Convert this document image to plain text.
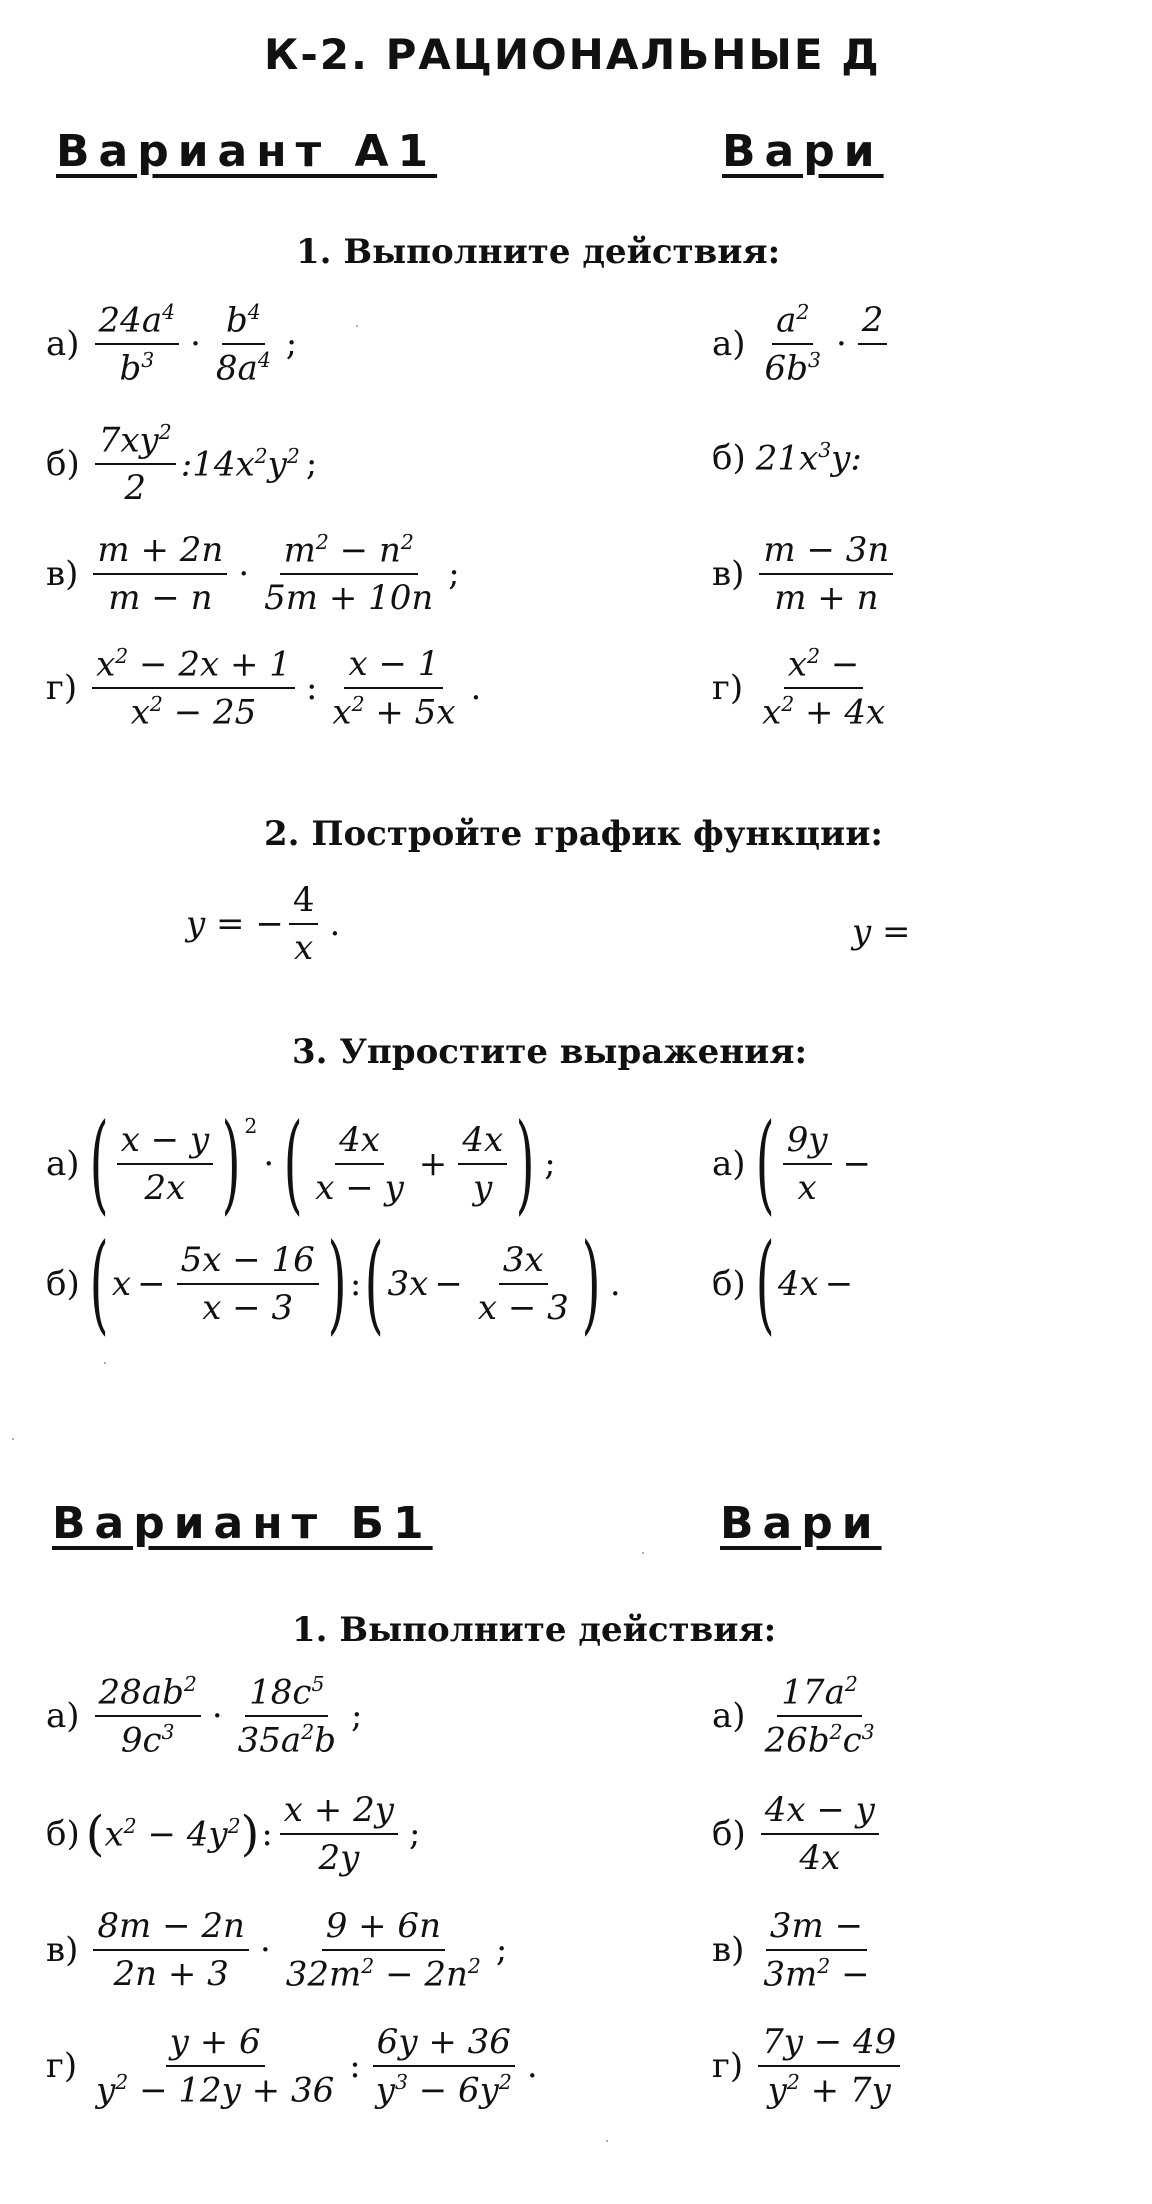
К-2. РАЦИОНАЛЬНЫЕ Д
Вариант А1	Вари
1. Выполните действия:
$а) \frac{24a^4}{b^3} \cdot \frac{b^4}{8a^4}$ ;
$б) \frac{7xy^2}{2}$ $:14x^2y^2$ ;
$в) \frac{m + 2n}{m - n} \cdot \frac{m^2 - n^2}{5m + 10n}$ ;
$г) \frac{x^2 - 2x + 1}{x^2 - 25}$ : $\frac{x - 1}{x^2 + 5x}$ .
$а) \frac{a^2}{6b^3}$ ·
2

б) $21x^3y$:
$в) \frac{m - 3n}{m + n}$
$г) \frac{x^2 -}{x^2 + 4x}$
2. Постройте график функции:
y = − $\frac{4}{x}$ .	y =
3. Упростите выражения:
а) ( $\frac{x - y}{2x} )^2$
· ( $\frac{4x}{x - y} + \frac{4x}{y}$ ) ;
б) ( $x - \frac{5x - 16}{x - 3}$ ) : ( $3x - \frac{3x}{x - 3}$ ) .
а) ( $\frac{9y}{x}$ −
б) ( 4x −
Вариант Б1	Вари
1. Выполните действия:
$а) \frac{28ab^2}{9c^3} \cdot \frac{18c^5}{35a^2b}$ ;
б) ( $x^2 - 4y^2$ ) : $\frac{x + 2y}{2y}$ ;
$в) \frac{8m - 2n}{2n + 3} \cdot \frac{9 + 6n}{32m^2 - 2n^2}$ ;
$г) \frac{y + 6}{y^2 - 12y + 36}$ : $\frac{6y + 36}{y^3 - 6y^2}$ .
$а) \frac{17a^2}{26b^2c^3}$
$б) \frac{4x - y}{4x}$
$в) \frac{3m -}{3m^2 -}$
$г) \frac{7y - 49}{y^2 + 7y}$
